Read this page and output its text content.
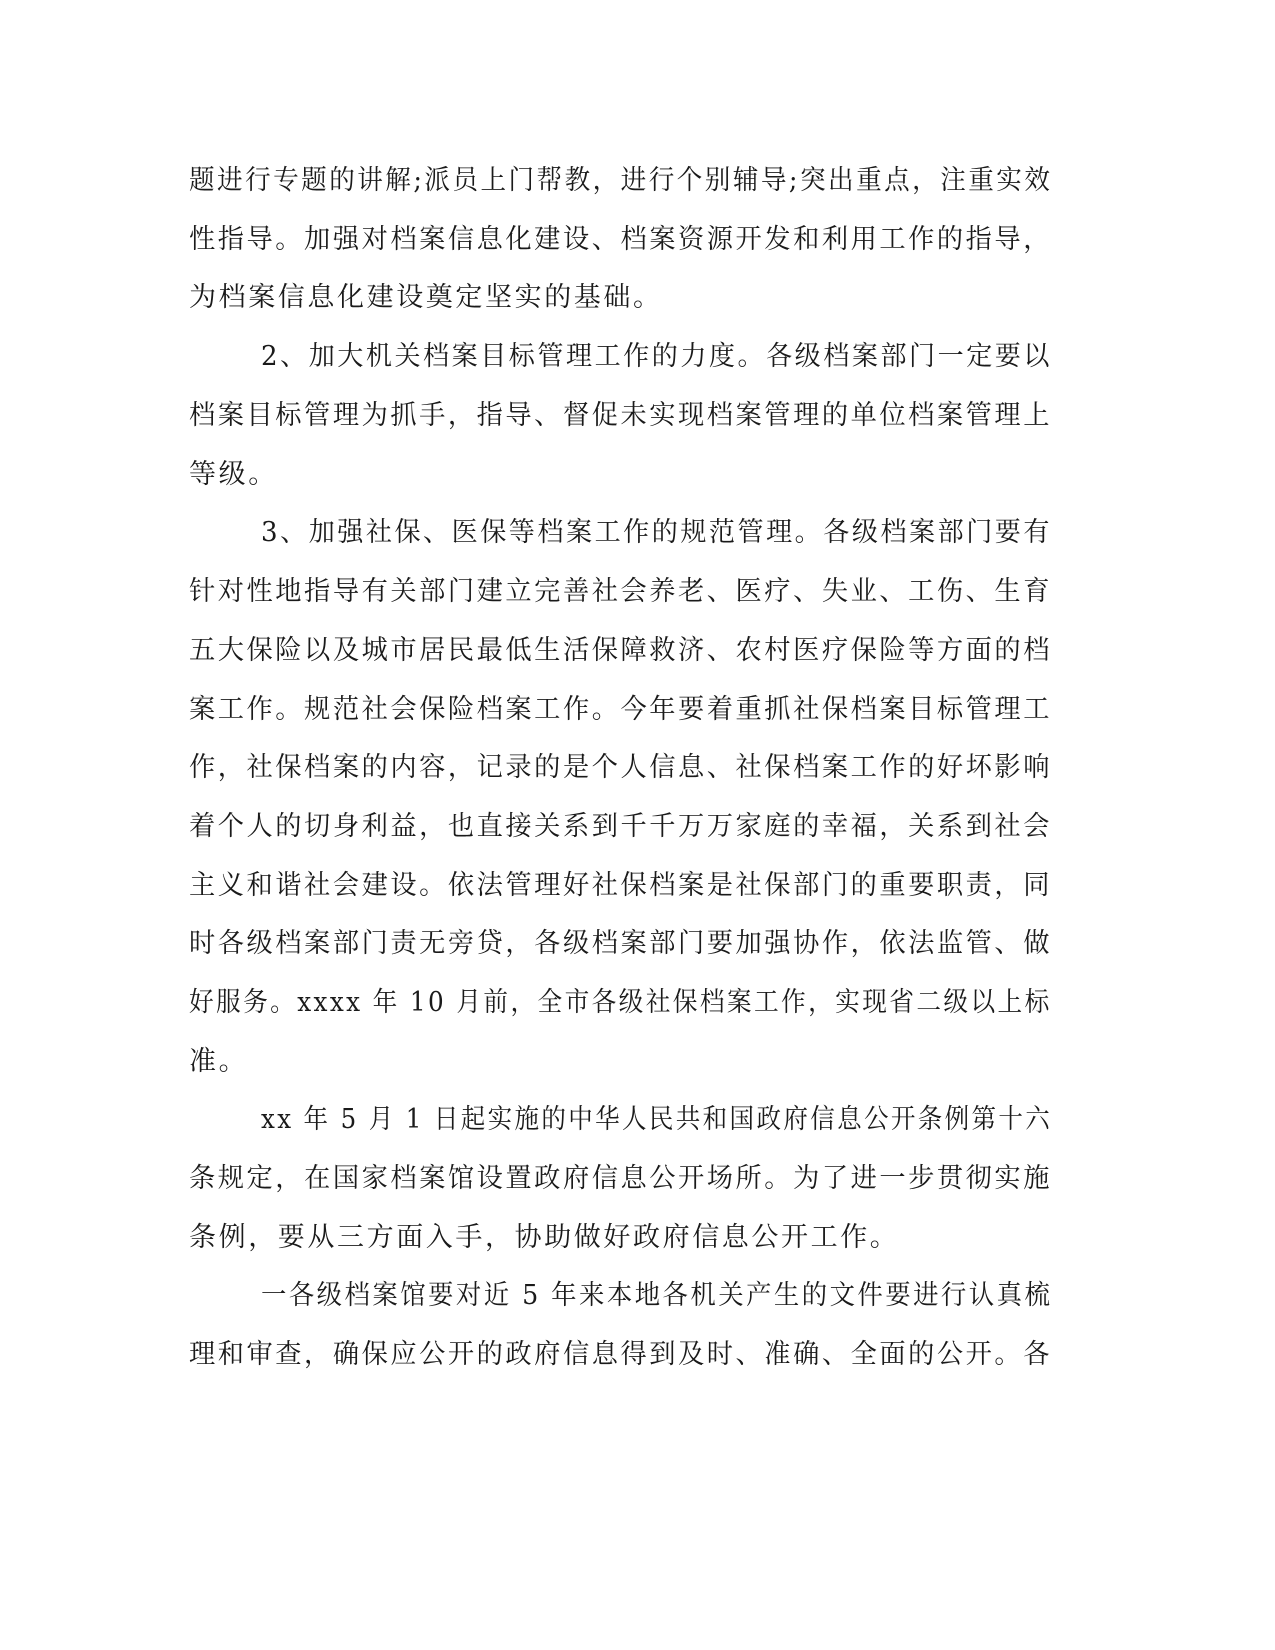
题进行专题的讲解;派员上门帮教，进行个别辅导;突出重点，注重实效
性指导。加强对档案信息化建设、档案资源开发和利用工作的指导，
为档案信息化建设奠定坚实的基础。
2、加大机关档案目标管理工作的力度。各级档案部门一定要以
档案目标管理为抓手，指导、督促未实现档案管理的单位档案管理上
等级。
3、加强社保、医保等档案工作的规范管理。各级档案部门要有
针对性地指导有关部门建立完善社会养老、医疗、失业、工伤、生育
五大保险以及城市居民最低生活保障救济、农村医疗保险等方面的档
案工作。规范社会保险档案工作。今年要着重抓社保档案目标管理工
作，社保档案的内容，记录的是个人信息、社保档案工作的好坏影响
着个人的切身利益，也直接关系到千千万万家庭的幸福，关系到社会
主义和谐社会建设。依法管理好社保档案是社保部门的重要职责，同
时各级档案部门责无旁贷，各级档案部门要加强协作，依法监管、做
好服务。xxxx 年 10 月前，全市各级社保档案工作，实现省二级以上标
准。
xx 年 5 月 1 日起实施的中华人民共和国政府信息公开条例第十六
条规定，在国家档案馆设置政府信息公开场所。为了进一步贯彻实施
条例，要从三方面入手，协助做好政府信息公开工作。
一各级档案馆要对近 5 年来本地各机关产生的文件要进行认真梳
理和审查，确保应公开的政府信息得到及时、准确、全面的公开。各
